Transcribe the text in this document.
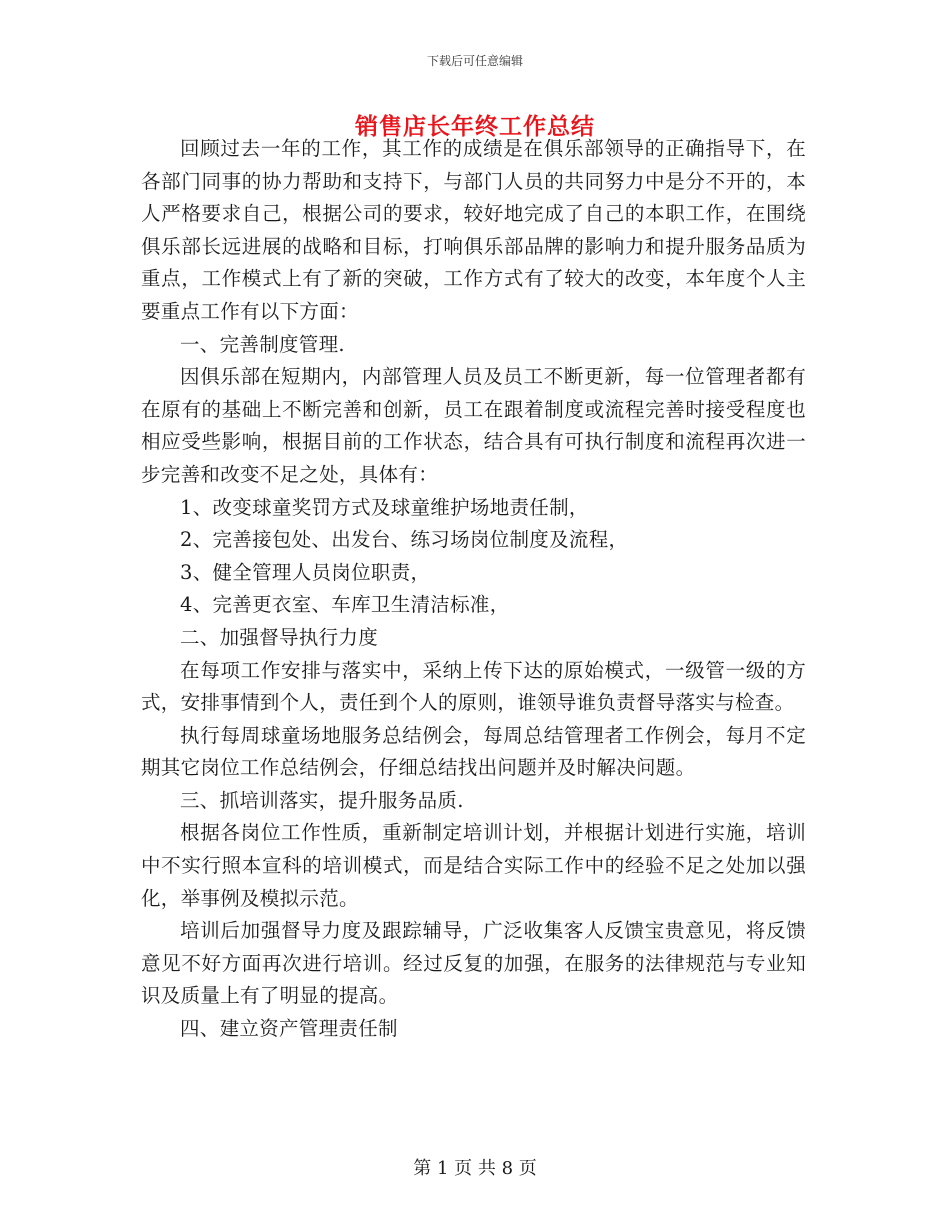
下载后可任意编辑
销售店长年终工作总结

回顾过去一年的工作，其工作的成绩是在俱乐部领导的正确指导下，在各部门同事的协力帮助和支持下，与部门人员的共同努力中是分不开的，本人严格要求自己，根据公司的要求，较好地完成了自己的本职工作，在围绕俱乐部长远进展的战略和目标，打响俱乐部品牌的影响力和提升服务品质为重点，工作模式上有了新的突破，工作方式有了较大的改变，本年度个人主要重点工作有以下方面：

一、完善制度管理.

因俱乐部在短期内，内部管理人员及员工不断更新，每一位管理者都有在原有的基础上不断完善和创新，员工在跟着制度或流程完善时接受程度也相应受些影响，根据目前的工作状态，结合具有可执行制度和流程再次进一步完善和改变不足之处，具体有：

1、改变球童奖罚方式及球童维护场地责任制，

2、完善接包处、出发台、练习场岗位制度及流程，

3、健全管理人员岗位职责，

4、完善更衣室、车库卫生清洁标准，

二、加强督导执行力度

在每项工作安排与落实中，采纳上传下达的原始模式，一级管一级的方式，安排事情到个人，责任到个人的原则，谁领导谁负责督导落实与检查。

执行每周球童场地服务总结例会，每周总结管理者工作例会，每月不定期其它岗位工作总结例会，仔细总结找出问题并及时解决问题。

三、抓培训落实，提升服务品质.

根据各岗位工作性质，重新制定培训计划，并根据计划进行实施，培训中不实行照本宣科的培训模式，而是结合实际工作中的经验不足之处加以强化，举事例及模拟示范。

培训后加强督导力度及跟踪辅导，广泛收集客人反馈宝贵意见，将反馈意见不好方面再次进行培训。经过反复的加强，在服务的法律规范与专业知识及质量上有了明显的提高。

四、建立资产管理责任制

第 1 页 共 8 页
